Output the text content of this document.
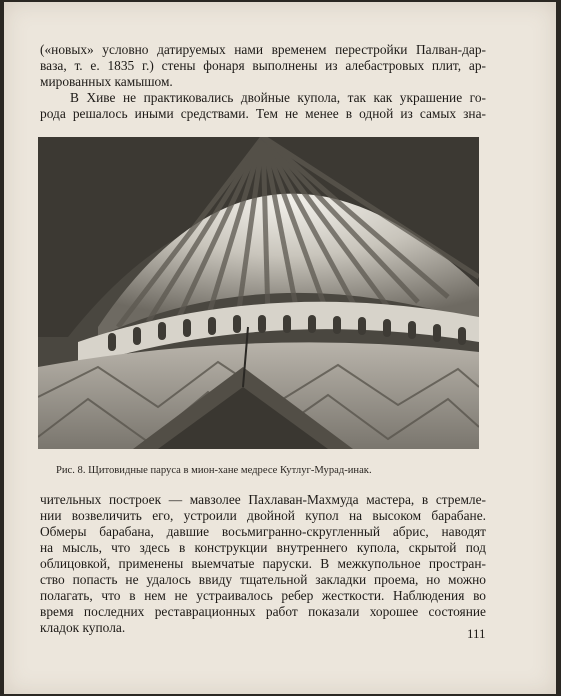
(«новых» условно датируемых нами временем перестройки Палван-дар-
ваза, т. е. 1835 г.) стены фонаря выполнены из алебастровых плит, ар-
мированных камышом.
В Хиве не практиковались двойные купола, так как украшение го-
рода решалось иными средствами. Тем не менее в одной из самых зна-
Рис. 8. Щитовидные паруса в мион-хане медресе Кутлуг-Мурад-инак.
чительных построек — мавзолее Пахлаван-Махмуда мастера, в стремле-
нии возвеличить его, устроили двойной купол на высоком барабане.
Обмеры барабана, давшие восьмигранно-скругленный абрис, наводят
на мысль, что здесь в конструкции внутреннего купола, скрытой под
облицовкой, применены выемчатые паруски. В межкупольное простран-
ство попасть не удалось ввиду тщательной закладки проема, но можно
полагать, что в нем не устраивалось ребер жесткости. Наблюдения во
время последних реставрационных работ показали хорошее состояние
кладок купола.	111
